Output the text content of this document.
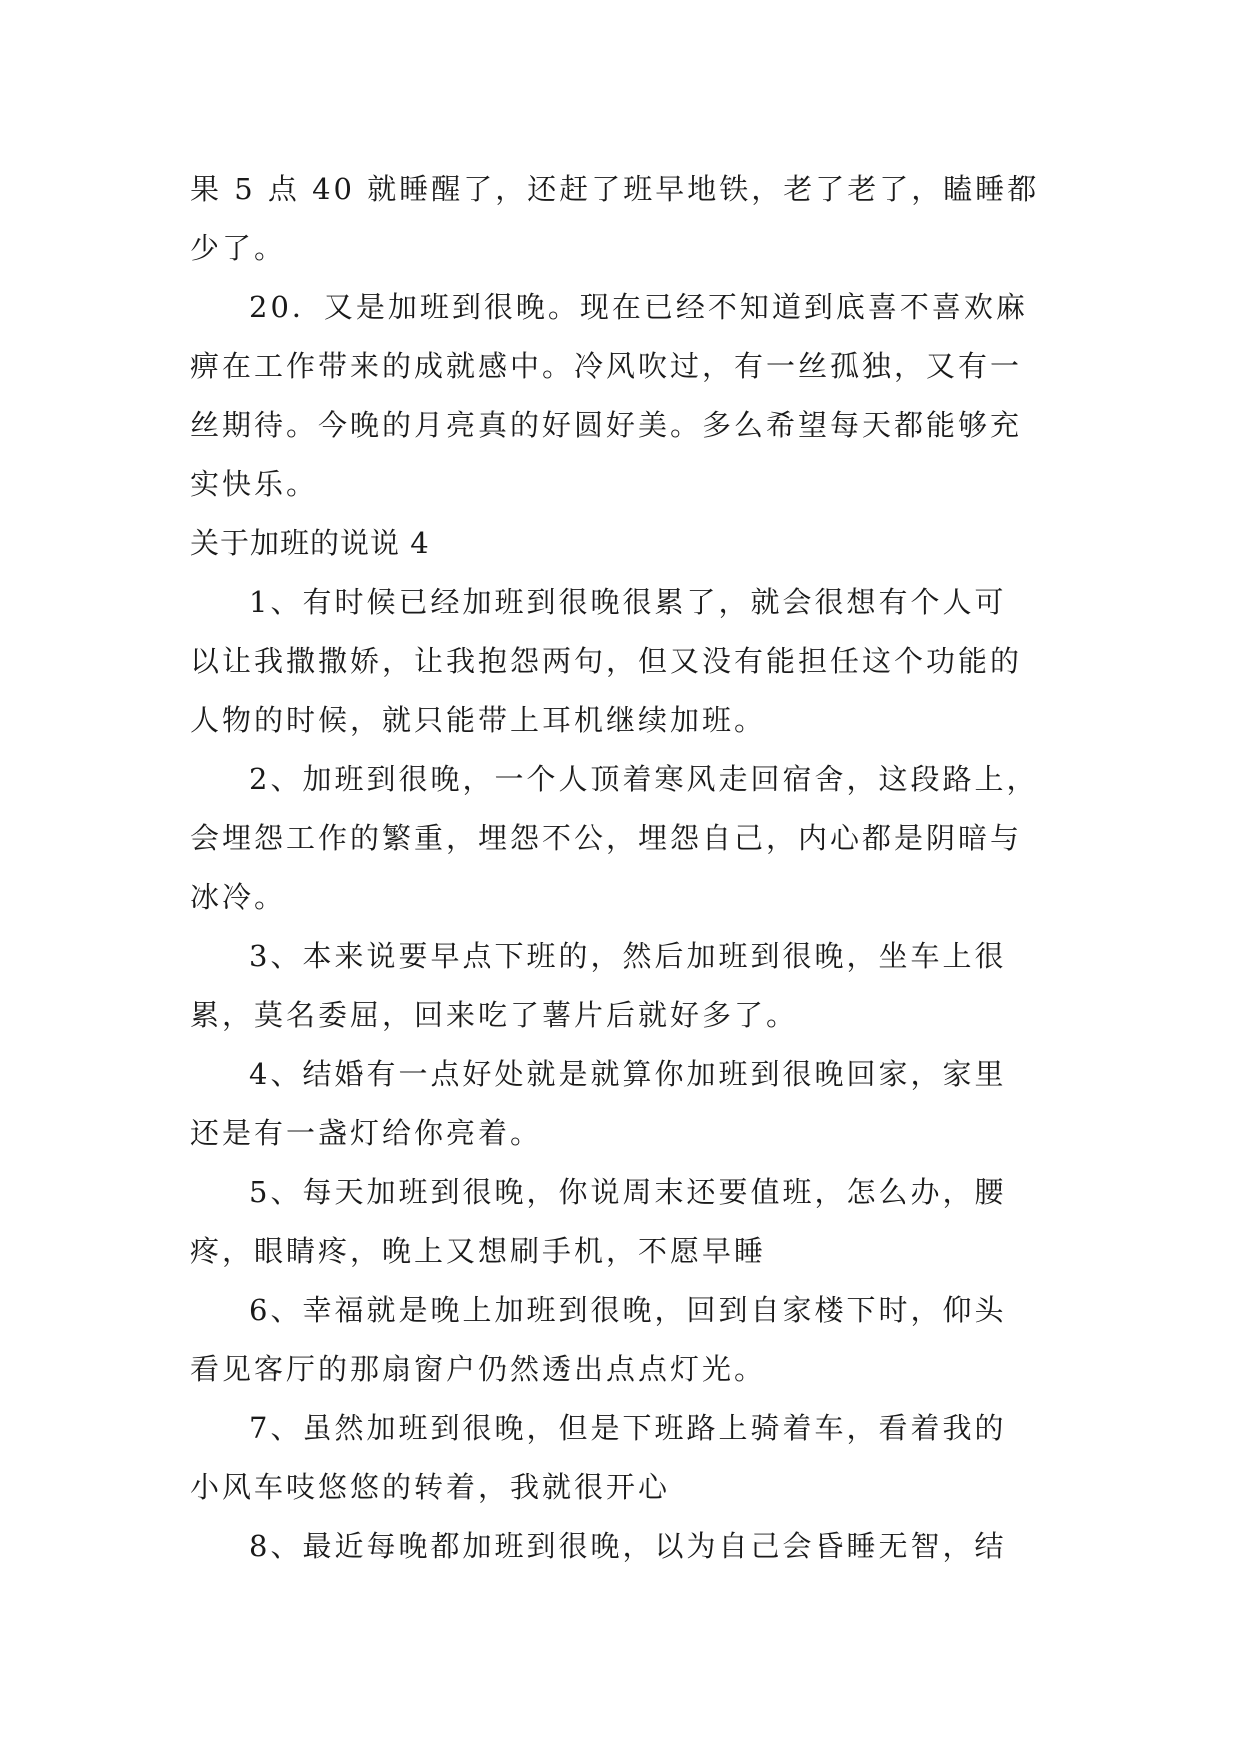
果 5 点 40 就睡醒了，还赶了班早地铁，老了老了，瞌睡都
少了。
20．又是加班到很晚。现在已经不知道到底喜不喜欢麻
痹在工作带来的成就感中。冷风吹过，有一丝孤独，又有一
丝期待。今晚的月亮真的好圆好美。多么希望每天都能够充
实快乐。
关于加班的说说 4
1、有时候已经加班到很晚很累了，就会很想有个人可
以让我撒撒娇，让我抱怨两句，但又没有能担任这个功能的
人物的时候，就只能带上耳机继续加班。
2、加班到很晚，一个人顶着寒风走回宿舍，这段路上，
会埋怨工作的繁重，埋怨不公，埋怨自己，内心都是阴暗与
冰冷。
3、本来说要早点下班的，然后加班到很晚，坐车上很
累，莫名委屈，回来吃了薯片后就好多了。
4、结婚有一点好处就是就算你加班到很晚回家，家里
还是有一盏灯给你亮着。
5、每天加班到很晚，你说周末还要值班，怎么办，腰
疼，眼睛疼，晚上又想刷手机，不愿早睡
6、幸福就是晚上加班到很晚，回到自家楼下时，仰头
看见客厅的那扇窗户仍然透出点点灯光。
7、虽然加班到很晚，但是下班路上骑着车，看着我的
小风车吱悠悠的转着，我就很开心
8、最近每晚都加班到很晚，以为自己会昏睡无智，结
